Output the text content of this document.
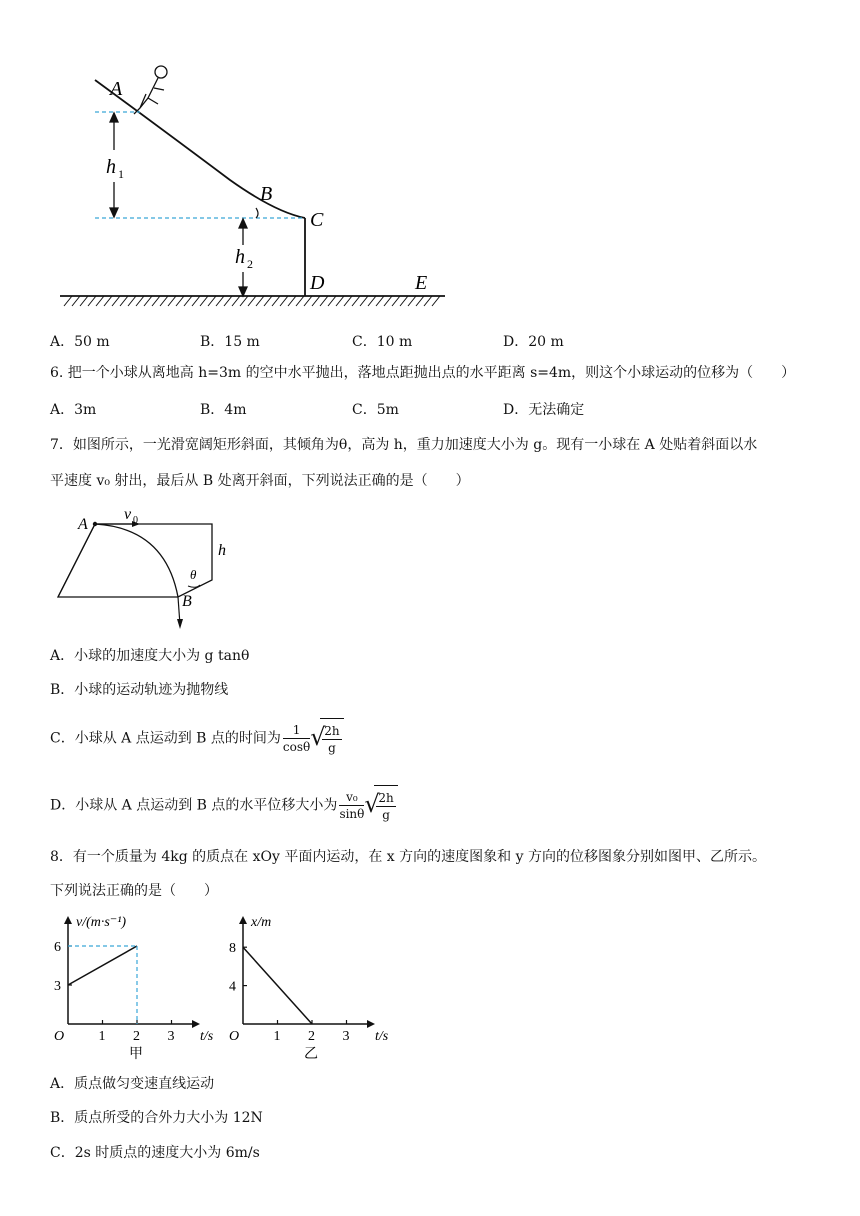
A
B
C
D	E
h 1
h 2
A．50 m	B．15 m	C．10 m	D．20 m
6. 把一个小球从离地高 h=3m 的空中水平抛出，落地点距抛出点的水平距离 s=4m，则这个小球运动的位移为（　　）
A．3m	B．4m	C．5m	D．无法确定
7．如图所示，一光滑宽阔矩形斜面，其倾角为θ，高为 h，重力加速度大小为 g。现有一小球在 A 处贴着斜面以水
平速度 v₀ 射出，最后从 B 处离开斜面，下列说法正确的是（　　）
A
B
v 0
h
θ
A．小球的加速度大小为 g tanθ
B．小球的运动轨迹为抛物线
C．小球从 A 点运动到 B 点的时间为 $\frac{1}{\cos\theta}$ √ $\frac{2h}{g}$
D．小球从 A 点运动到 B 点的水平位移大小为 $\frac{\text{v₀}}{\sin\theta}$ √ $\frac{2h}{g}$
8．有一个质量为 4kg 的质点在 xOy 平面内运动，在 x 方向的速度图象和 y 方向的位移图象分别如图甲、乙所示。
下列说法正确的是（　　）
1 2 3
3
6
O	t/s
v/(m·s⁻¹)
甲
1 2 3
4
8
O	t/s
x/m
乙
A．质点做匀变速直线运动
B．质点所受的合外力大小为 12N
C．2s 时质点的速度大小为 6m/s
